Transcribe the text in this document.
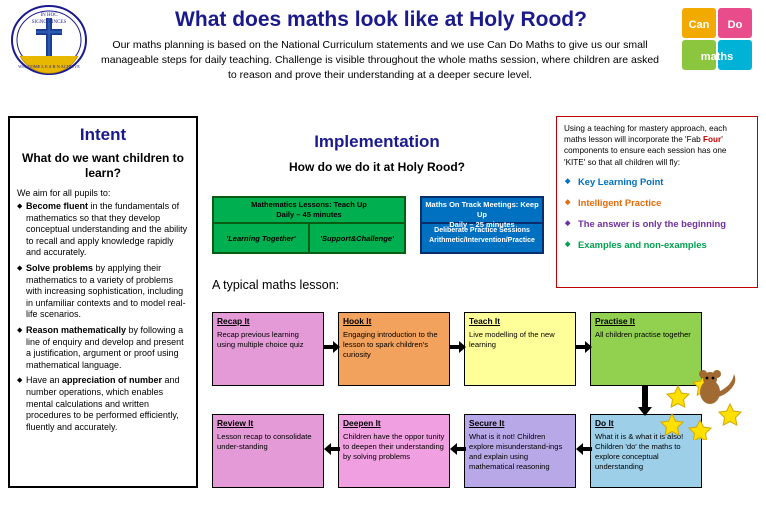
IN HOC
SIGNO VINCES
WELCOME L E A R N ACHIEVE
What does maths look like at Holy Rood?
Our maths planning is based on the National Curriculum statements and we use Can Do Maths to give us our small manageable steps for daily teaching. Challenge is visible throughout the whole maths session, where children are asked to reason and prove their understanding at a deeper secure level.
Can Do
maths
Intent
What do we want children to learn?
We aim for all pupils to:
◆ Become fluent in the fundamentals of mathematics so that they develop conceptual understanding and the ability to recall and apply knowledge rapidly and accurately.
◆ Solve problems by applying their mathematics to a variety of problems with increasing sophistication, including in unfamiliar contexts and to model real-life scenarios.
◆ Reason mathematically by following a line of enquiry and develop and present a justification, argument or proof using mathematical language.
◆ Have an appreciation of number and number operations, which enables mental calculations and written procedures to be performed efficiently, fluently and accurately.
Implementation
How do we do it at Holy Rood?
Mathematics Lessons: Teach Up
Daily – 45 minutes
'Learning Together'	'Support&Challenge'
Maths On Track Meetings: Keep Up
Daily – 25 minutes
Deliberate Practice Sessions
Arithmetic/Intervention/Practice
Using a teaching for mastery approach, each maths lesson will incorporate the 'Fab Four' components to ensure each session has one 'KITE' so that all children will fly:
◆ Key Learning Point
◆ Intelligent Practice
◆ The answer is only the beginning
◆ Examples and non-examples
A typical maths lesson:
Recap It
Recap previous learning using multiple choice quiz
Hook It
Engaging introduction to the lesson to spark children's curiosity
Teach It
Live modelling of the new learning
Practise It
All children practise together
Review It
Lesson recap to consolidate under-standing
Deepen It
Children have the oppor tunity to deepen their understanding by solving problems
Secure It
What is it not! Children explore misunderstand-ings and explain using mathematical reasoning
Do It
What it is & what it is also! Children 'do' the maths to explore conceptual understanding
